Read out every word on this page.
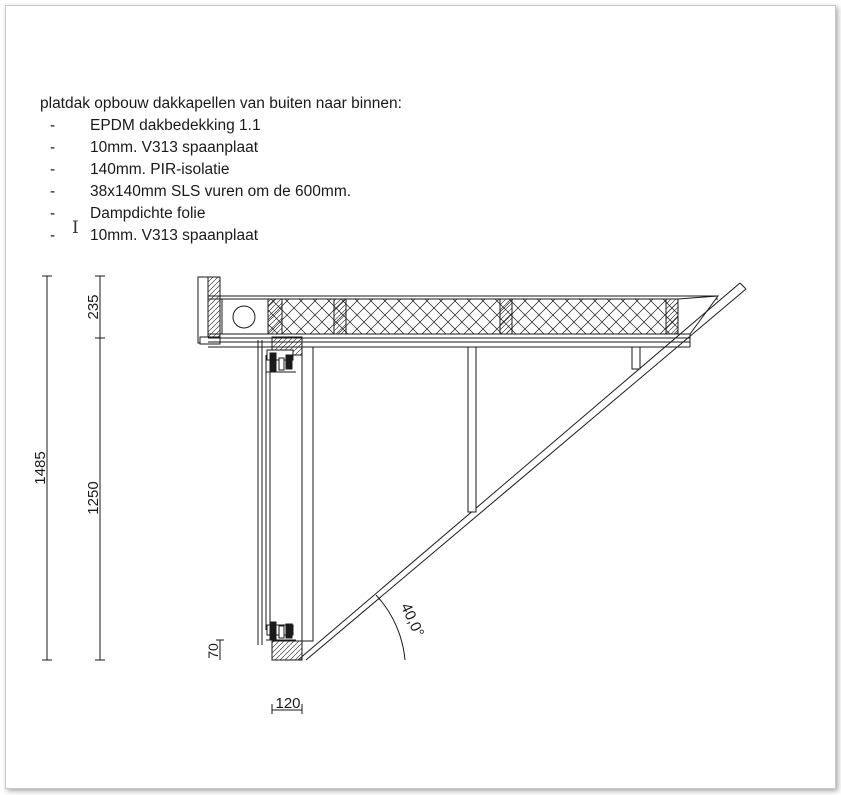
platdak opbouw dakkapellen van buiten naar binnen:
- EPDM dakbedekking 1.1
- 10mm. V313 spaanplaat
- 140mm. PIR-isolatie
- 38x140mm SLS vuren om de 600mm.
- Dampdichte folie
- 10mm. V313 spaanplaat
Ι
1485
235
1250
70
120
40,0°
